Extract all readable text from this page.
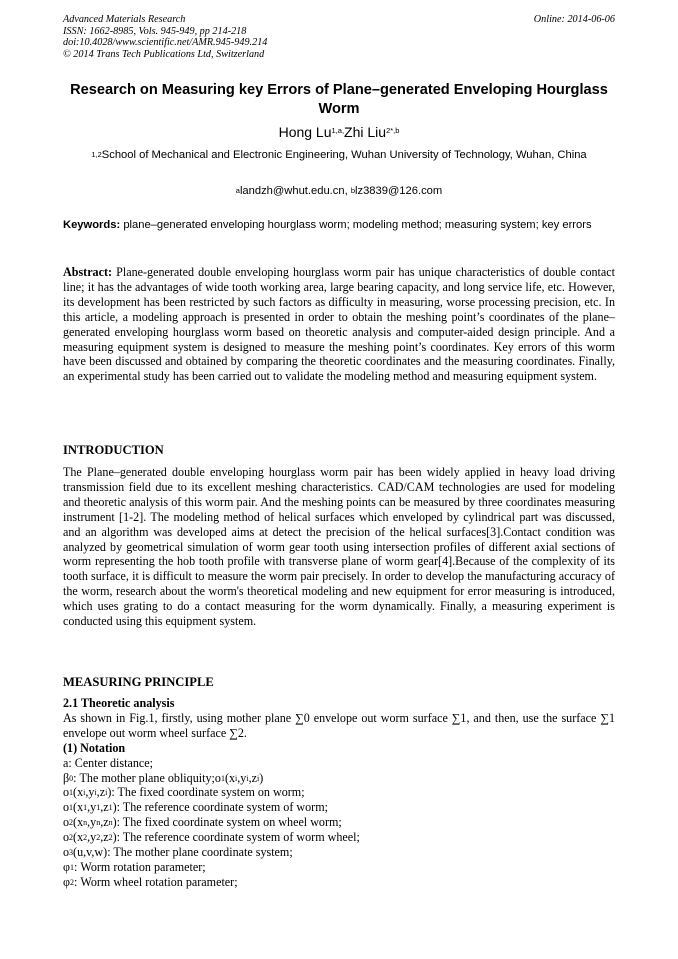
Advanced Materials Research
ISSN: 1662-8985, Vols. 945-949, pp 214-218
doi:10.4028/www.scientific.net/AMR.945-949.214
© 2014 Trans Tech Publications Ltd, Switzerland
Online: 2014-06-06
Research on Measuring key Errors of Plane–generated Enveloping Hourglass Worm
Hong $Lu^{1,a,}Zhi$ Liu$^{2*,b}$
$^{1,2}$School of Mechanical and Electronic Engineering, Wuhan University of Technology, Wuhan, China
$^a$landzh@whut.edu.cn, $^b$lz3839@126.com
Keywords: plane–generated enveloping hourglass worm; modeling method; measuring system; key errors
Abstract: Plane-generated double enveloping hourglass worm pair has unique characteristics of double contact line; it has the advantages of wide tooth working area, large bearing capacity, and long service life, etc. However, its development has been restricted by such factors as difficulty in measuring, worse processing precision, etc. In this article, a modeling approach is presented in order to obtain the meshing point’s coordinates of the plane–generated enveloping hourglass worm based on theoretic analysis and computer-aided design principle. And a measuring equipment system is designed to measure the meshing point’s coordinates. Key errors of this worm have been discussed and obtained by comparing the theoretic coordinates and the measuring coordinates. Finally, an experimental study has been carried out to validate the modeling method and measuring equipment system.
INTRODUCTION
The Plane–generated double enveloping hourglass worm pair has been widely applied in heavy load driving transmission field due to its excellent meshing characteristics. CAD/CAM technologies are used for modeling and theoretic analysis of this worm pair. And the meshing points can be measured by three coordinates measuring instrument [1-2]. The modeling method of helical surfaces which enveloped by cylindrical part was discussed, and an algorithm was developed aims at detect the precision of the helical surfaces[3].Contact condition was analyzed by geometrical simulation of worm gear tooth using intersection profiles of different axial sections of worm representing the hob tooth profile with transverse plane of worm gear[4].Because of the complexity of its tooth surface, it is difficult to measure the worm pair precisely. In order to develop the manufacturing accuracy of the worm, research about the worm's theoretical modeling and new equipment for error measuring is introduced, which uses grating to do a contact measuring for the worm dynamically. Finally, a measuring experiment is conducted using this equipment system.
MEASURING PRINCIPLE
2.1 Theoretic analysis
As shown in Fig.1, firstly, using mother plane ∑0 envelope out worm surface ∑1, and then, use the surface ∑1 envelope out worm wheel surface ∑2.
(1) Notation
a: Center distance;
$\beta_0$: The mother plane $obliquity;o_1(x_i,y_i,z_i)$
$o_1(x_i,y_i,z_i)$: The fixed coordinate system on worm;
$o_1(x_1,y_1,z_1)$: The reference coordinate system of worm;
$o_2(x_n,y_n,z_n)$: The fixed coordinate system on wheel worm;
$o_2(x_2,y_2,z_2)$: The reference coordinate system of worm wheel;
$o_3(u,v,w)$: The mother plane coordinate system;
$\varphi_1$: Worm rotation parameter;
$\varphi_2$: Worm wheel rotation parameter;
